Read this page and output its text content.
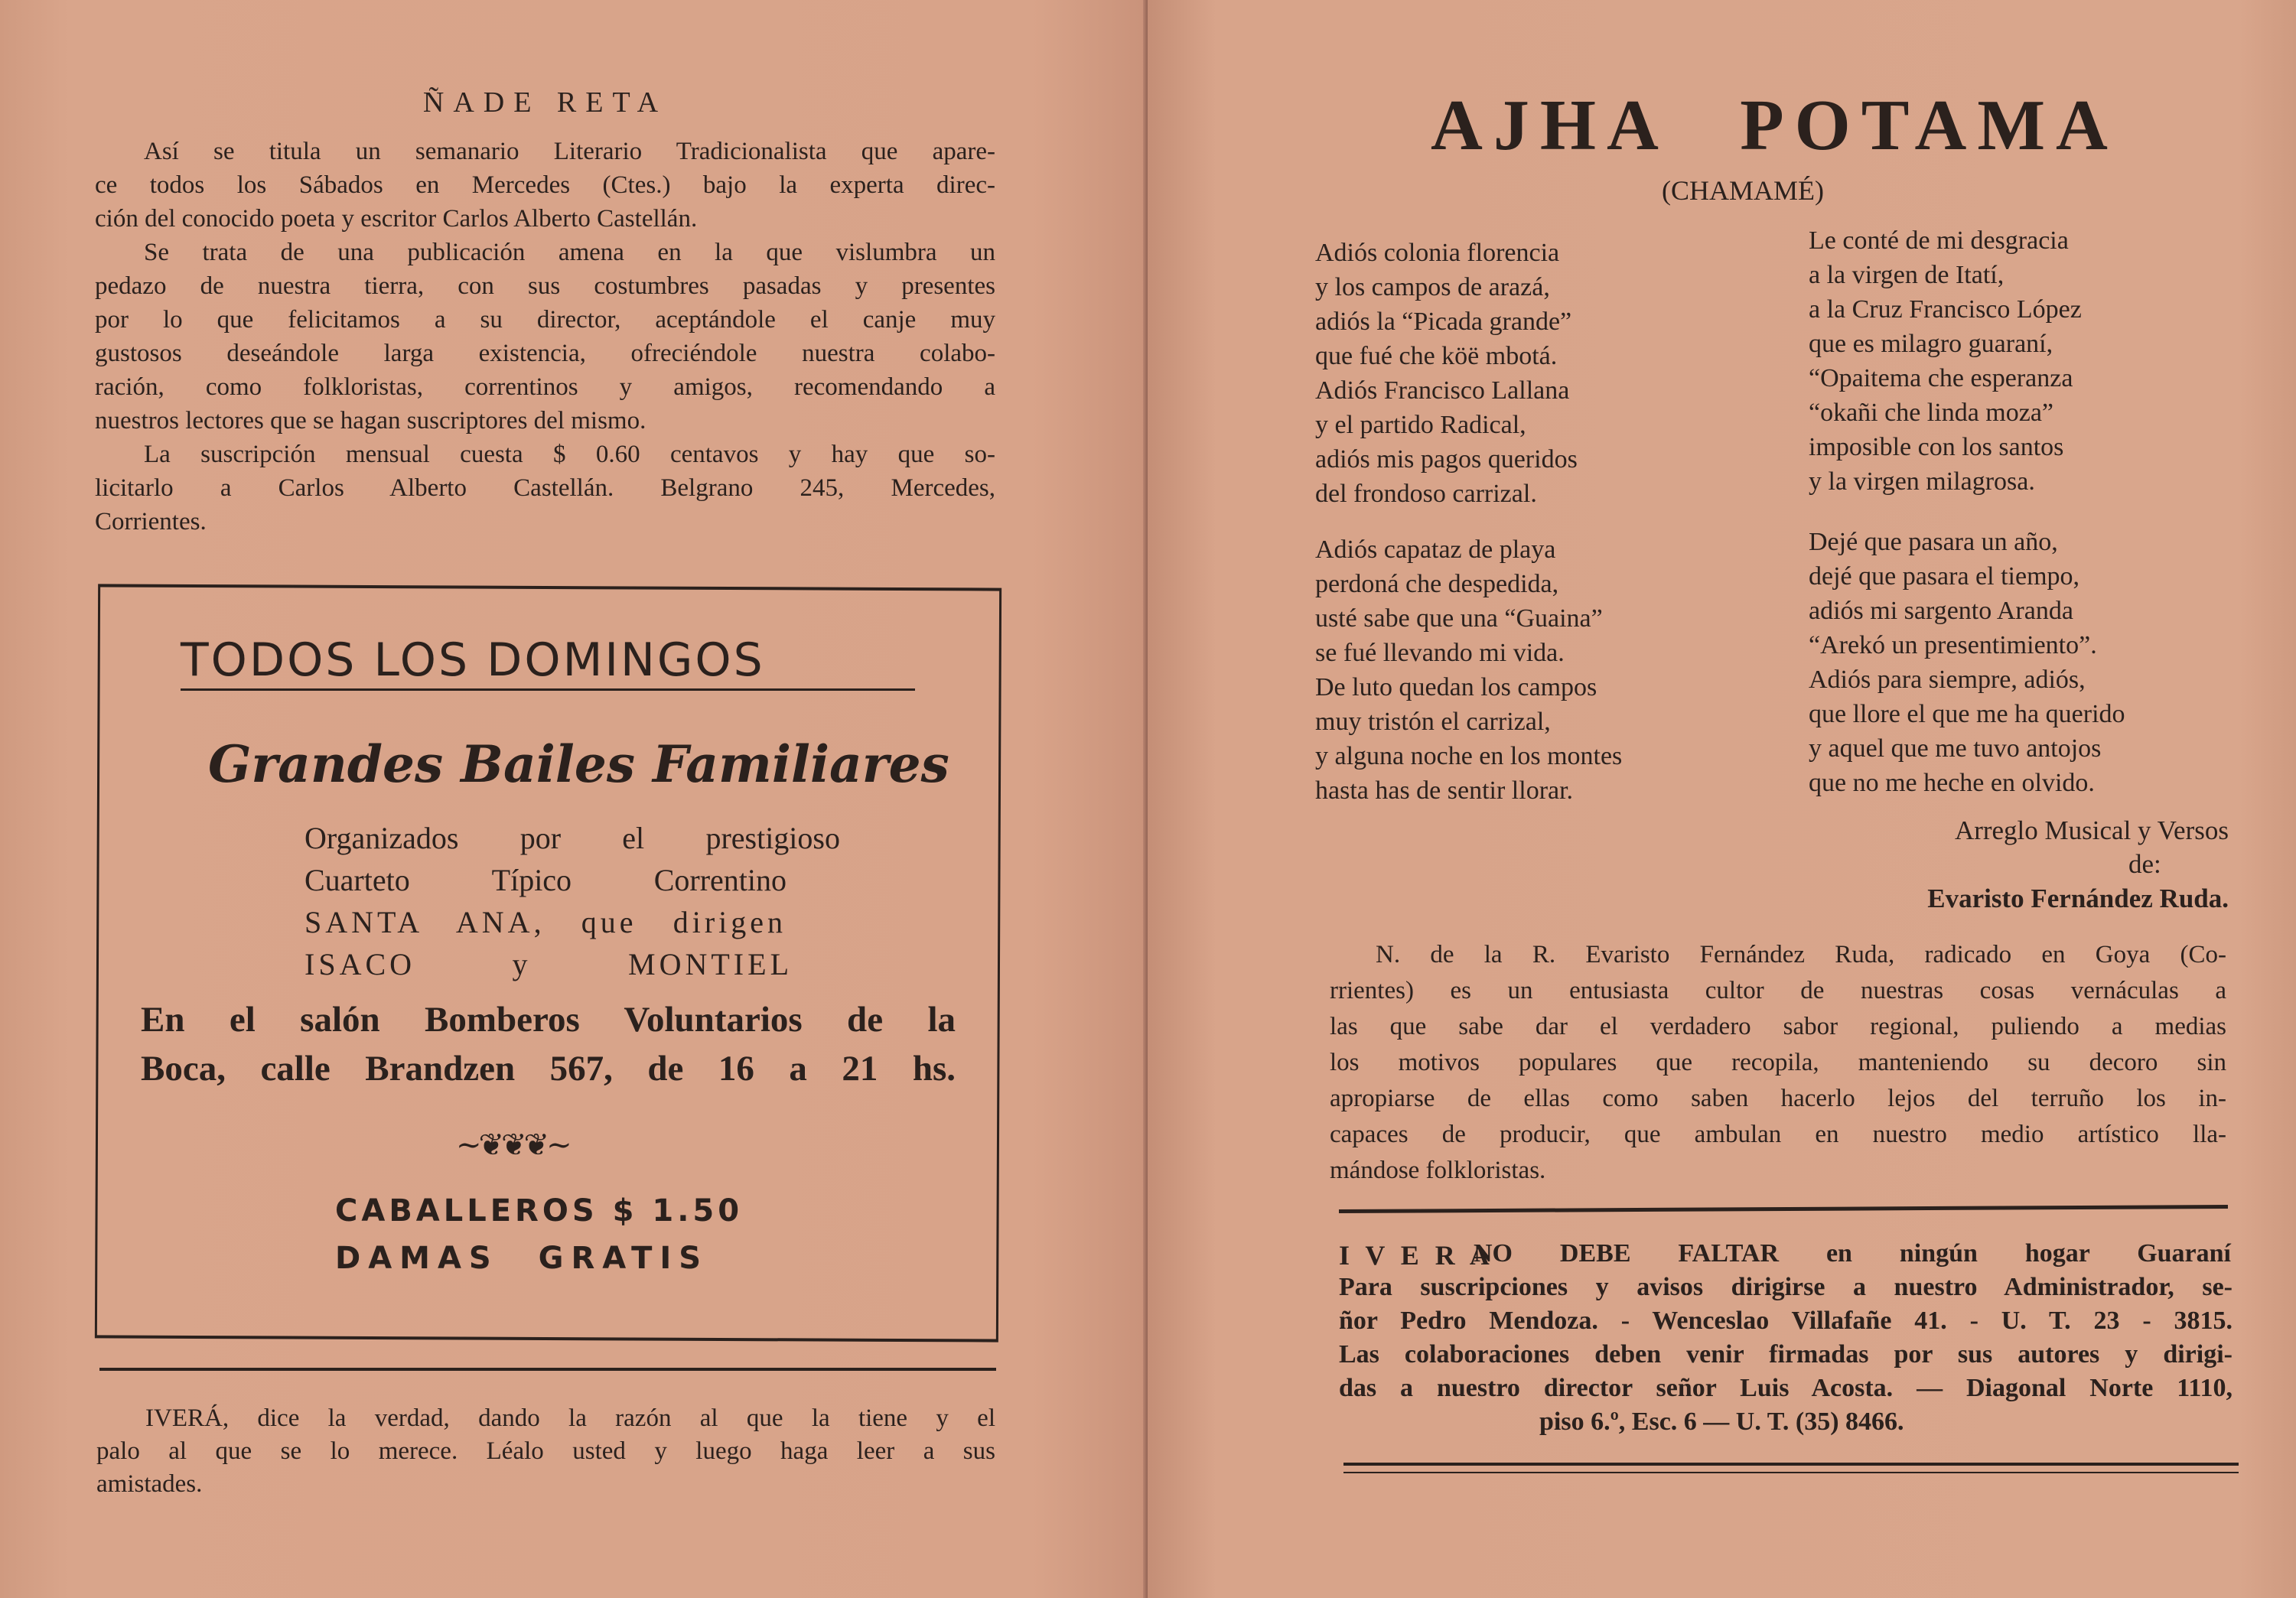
ÑADE RETA
Así se titula un semanario Literario Tradicionalista que apare-
ce todos los Sábados en Mercedes (Ctes.) bajo la experta direc-
ción del conocido poeta y escritor Carlos Alberto Castellán.
Se trata de una publicación amena en la que vislumbra un
pedazo de nuestra tierra, con sus costumbres pasadas y presentes
por lo que felicitamos a su director, aceptándole el canje muy
gustosos deseándole larga existencia, ofreciéndole nuestra colabo-
ración, como folkloristas, correntinos y amigos, recomendando a
nuestros lectores que se hagan suscriptores del mismo.
La suscripción mensual cuesta $ 0.60 centavos y hay que so-
licitarlo a Carlos Alberto Castellán. Belgrano 245, Mercedes,
Corrientes.
TODOS LOS DOMINGOS
Grandes Bailes Familiares
Organizados por el prestigioso
Cuarteto Típico Correntino
SANTA ANA, que dirigen
ISACO y MONTIEL
En el salón Bomberos Voluntarios de la
Boca, calle Brandzen 567, de 16 a 21 hs.
~❦❦❦~
CABALLEROS $ 1.50
DAMAS GRATIS
IVERÁ, dice la verdad, dando la razón al que la tiene y el
palo al que se lo merece. Léalo usted y luego haga leer a sus
amistades.
AJHA POTAMA
(CHAMAMÉ)
Adiós colonia florencia
y los campos de arazá,
adiós la “Picada grande”
que fué che köë mbotá.
Adiós Francisco Lallana
y el partido Radical,
adiós mis pagos queridos
del frondoso carrizal.
Adiós capataz de playa
perdoná che despedida,
usté sabe que una “Guaina”
se fué llevando mi vida.
De luto quedan los campos
muy tristón el carrizal,
y alguna noche en los montes
hasta has de sentir llorar.
Le conté de mi desgracia
a la virgen de Itatí,
a la Cruz Francisco López
que es milagro guaraní,
“Opaitema che esperanza
“okañi che linda moza”
imposible con los santos
y la virgen milagrosa.
Dejé que pasara un año,
dejé que pasara el tiempo,
adiós mi sargento Aranda
“Arekó un presentimiento”.
Adiós para siempre, adiós,
que llore el que me ha querido
y aquel que me tuvo antojos
que no me heche en olvido.
Arreglo Musical y Versos
de:
Evaristo Fernández Ruda.
N. de la R. Evaristo Fernández Ruda, radicado en Goya (Co-
rrientes) es un entusiasta cultor de nuestras cosas vernáculas a
las que sabe dar el verdadero sabor regional, puliendo a medias
los motivos populares que recopila, manteniendo su decoro sin
apropiarse de ellas como saben hacerlo lejos del terruño los in-
capaces de producir, que ambulan en nuestro medio artístico lla-
mándose folkloristas.
I V E R A
NO DEBE FALTAR en ningún hogar Guaraní
Para suscripciones y avisos dirigirse a nuestro Administrador, se-
ñor Pedro Mendoza. - Wenceslao Villafañe 41. - U. T. 23 - 3815.
Las colaboraciones deben venir firmadas por sus autores y dirigi-
das a nuestro director señor Luis Acosta. — Diagonal Norte 1110,
piso 6.º, Esc. 6 — U. T. (35) 8466.
